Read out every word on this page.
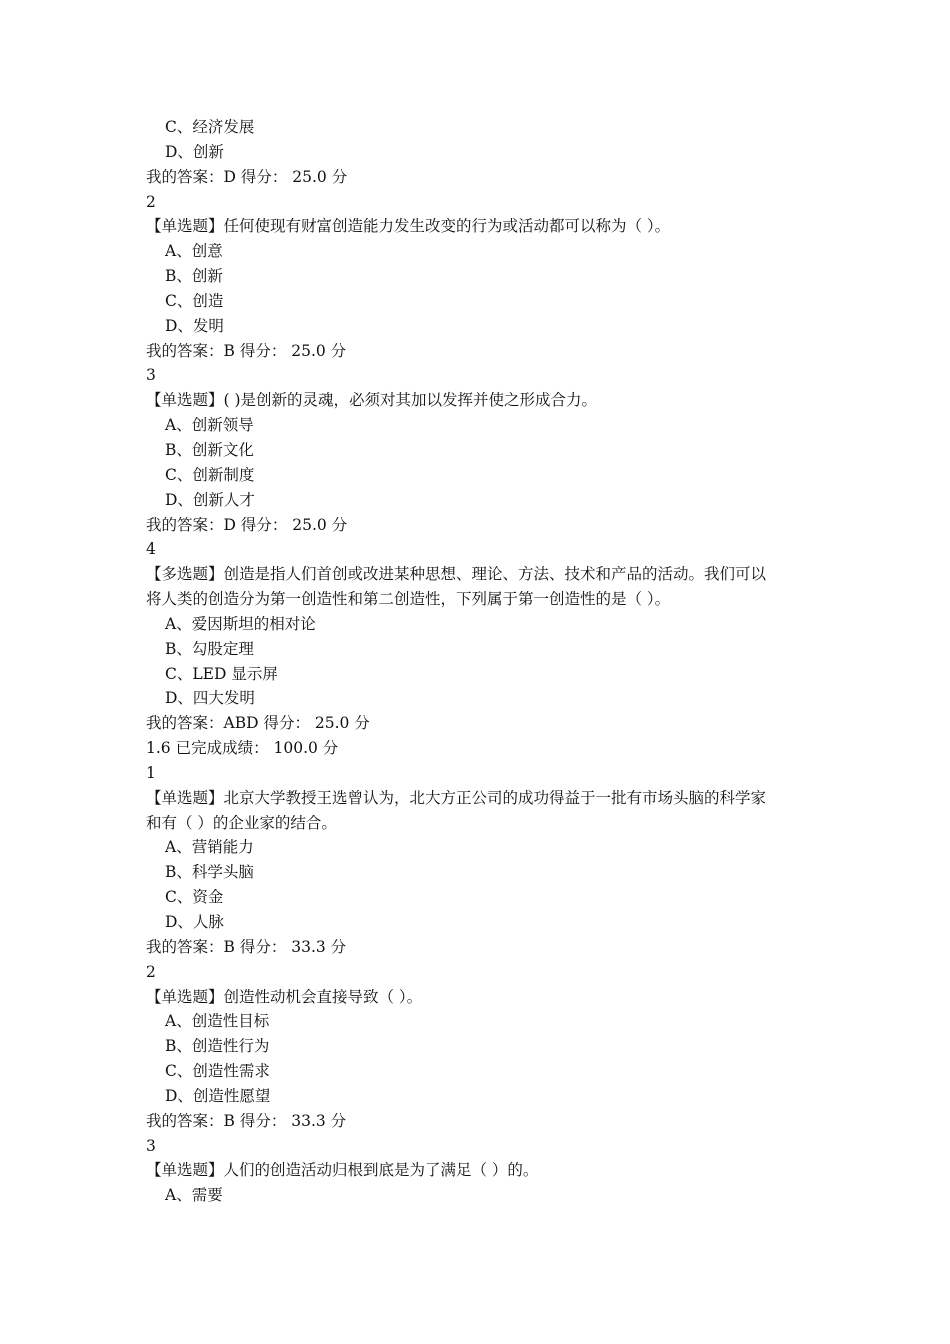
C、经济发展
D、创新
我的答案：D 得分： 25.0 分
2
【单选题】任何使现有财富创造能力发生改变的行为或活动都可以称为（ ）。
A、创意
B、创新
C、创造
D、发明
我的答案：B 得分： 25.0 分
3
【单选题】( )是创新的灵魂，必须对其加以发挥并使之形成合力。
A、创新领导
B、创新文化
C、创新制度
D、创新人才
我的答案：D 得分： 25.0 分
4
【多选题】创造是指人们首创或改进某种思想、理论、方法、技术和产品的活动。我们可以
将人类的创造分为第一创造性和第二创造性，下列属于第一创造性的是（ ）。
A、爱因斯坦的相对论
B、勾股定理
C、LED 显示屏
D、四大发明
我的答案：ABD 得分： 25.0 分
1.6 已完成成绩： 100.0 分
1
【单选题】北京大学教授王选曾认为，北大方正公司的成功得益于一批有市场头脑的科学家
和有（ ）的企业家的结合。
A、营销能力
B、科学头脑
C、资金
D、人脉
我的答案：B 得分： 33.3 分
2
【单选题】创造性动机会直接导致（ ）。
A、创造性目标
B、创造性行为
C、创造性需求
D、创造性愿望
我的答案：B 得分： 33.3 分
3
【单选题】人们的创造活动归根到底是为了满足（ ）的。
A、需要
